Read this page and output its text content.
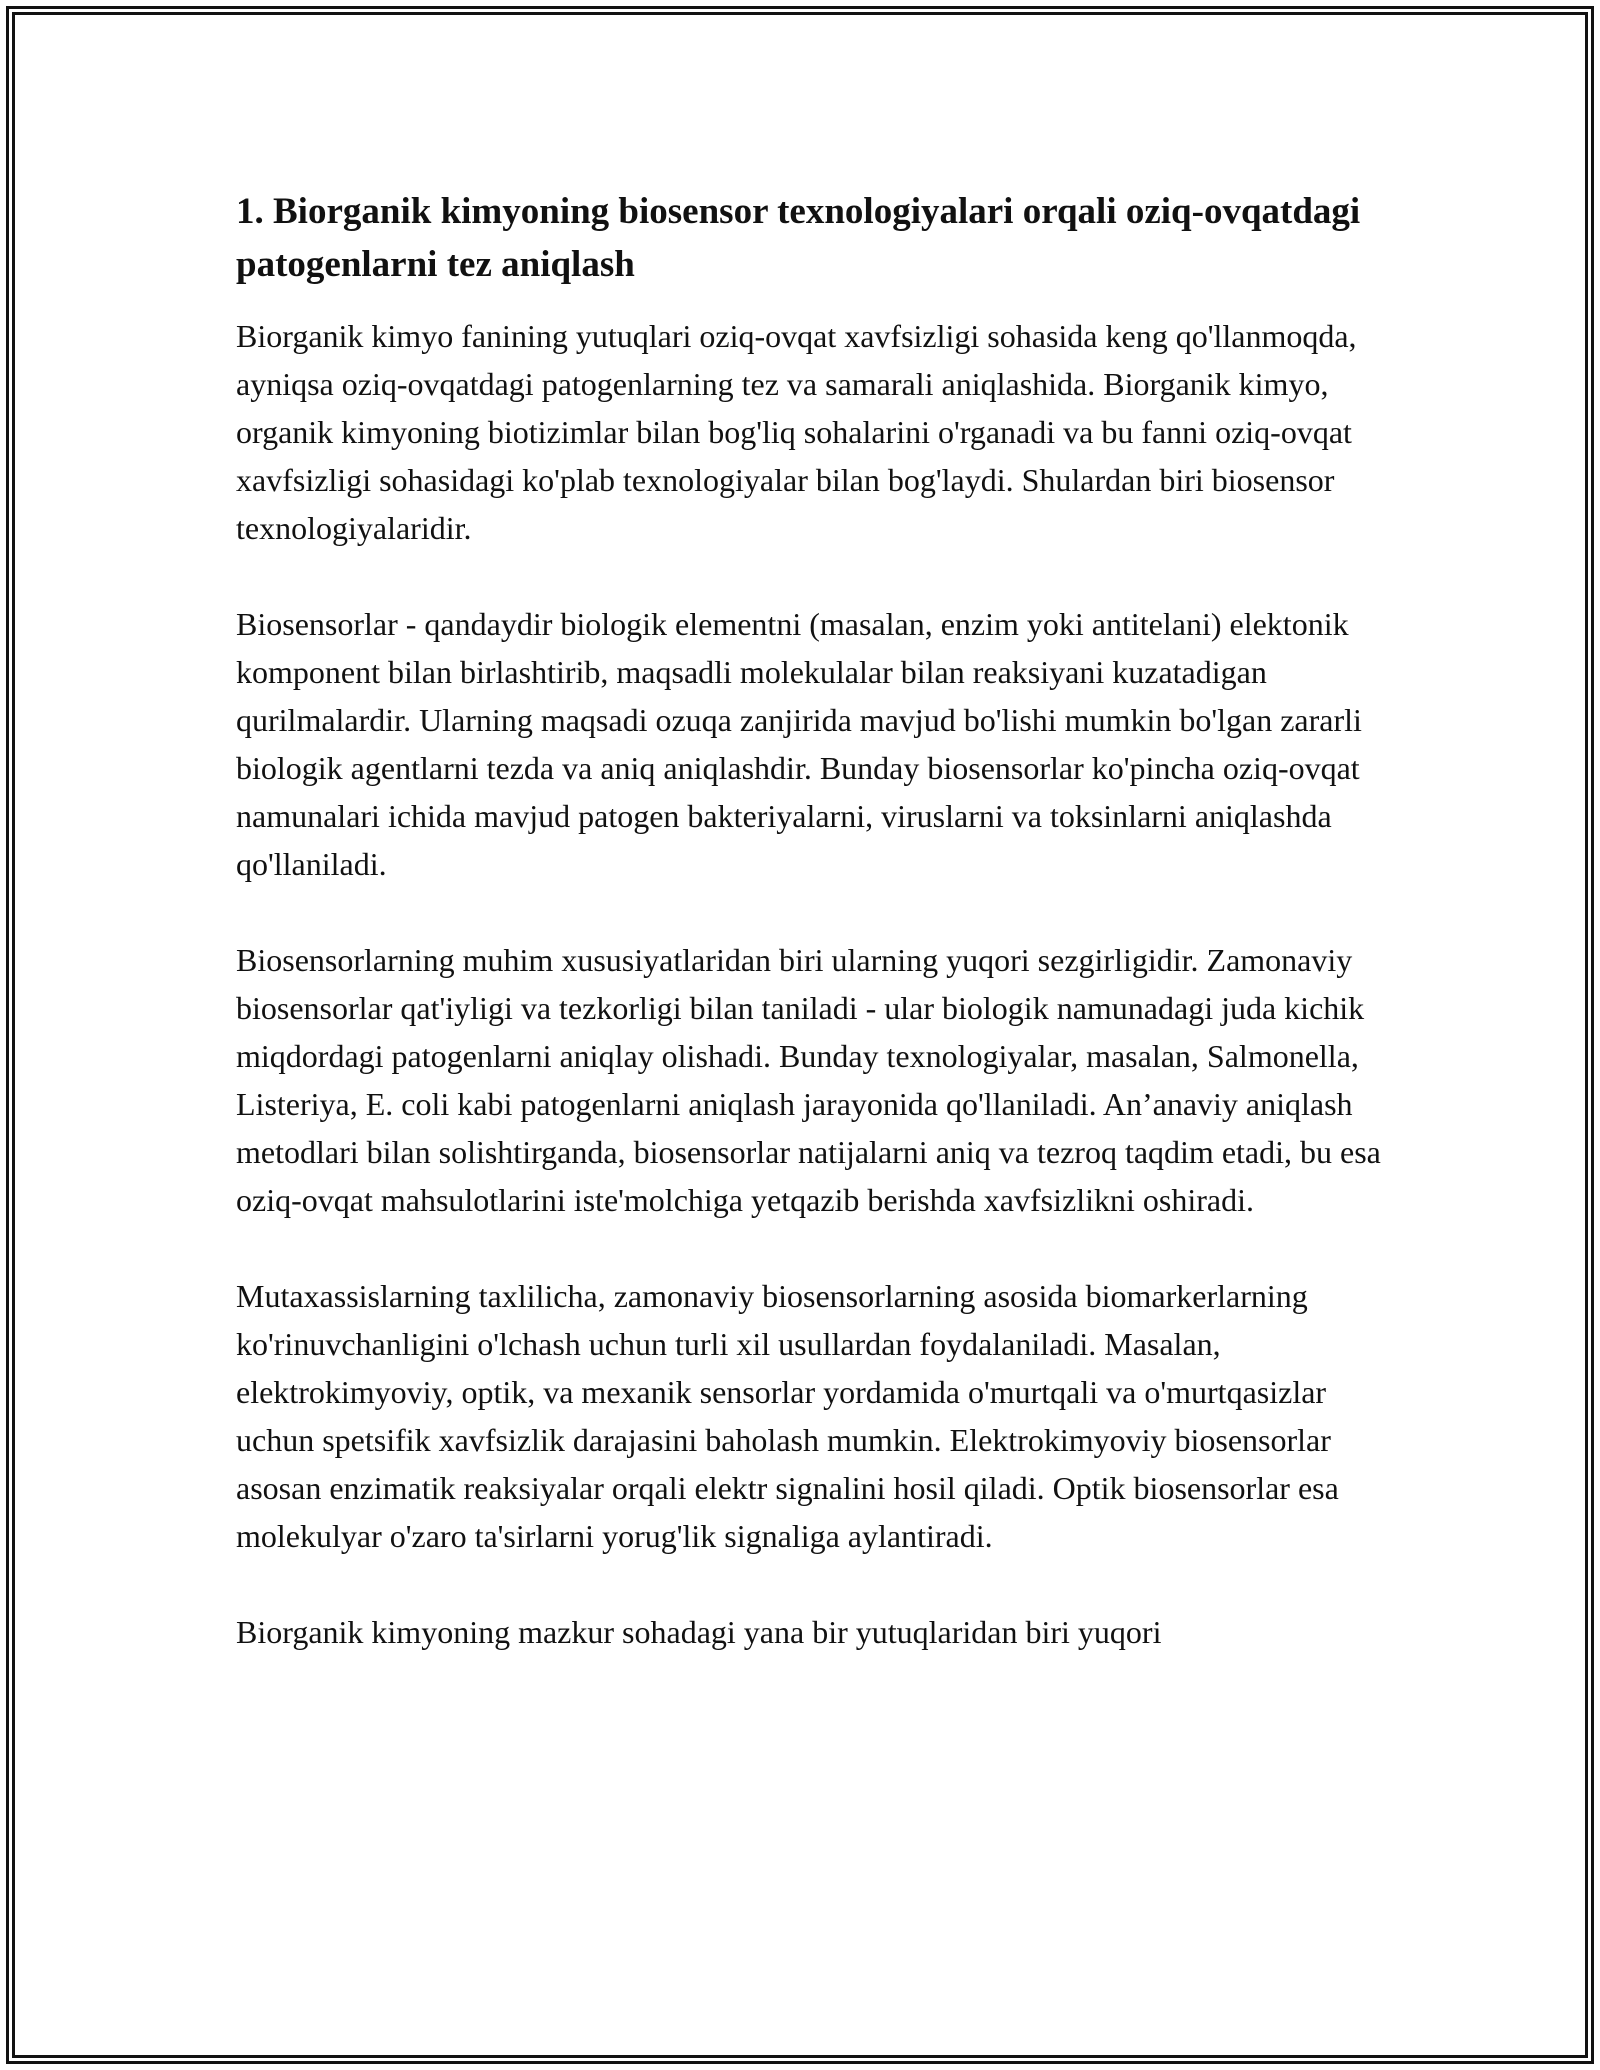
1. Biorganik kimyoning biosensor texnologiyalari orqali oziq-ovqatdagi patogenlarni tez aniqlash

Biorganik kimyo fanining yutuqlari oziq-ovqat xavfsizligi sohasida keng qo'llanmoqda, ayniqsa oziq-ovqatdagi patogenlarning tez va samarali aniqlashida. Biorganik kimyo, organik kimyoning biotizimlar bilan bog'liq sohalarini o'rganadi va bu fanni oziq-ovqat xavfsizligi sohasidagi ko'plab texnologiyalar bilan bog'laydi. Shulardan biri biosensor texnologiyalaridir.

Biosensorlar - qandaydir biologik elementni (masalan, enzim yoki antitelani) elektonik komponent bilan birlashtirib, maqsadli molekulalar bilan reaksiyani kuzatadigan qurilmalardir. Ularning maqsadi ozuqa zanjirida mavjud bo'lishi mumkin bo'lgan zararli biologik agentlarni tezda va aniq aniqlashdir. Bunday biosensorlar ko'pincha oziq-ovqat namunalari ichida mavjud patogen bakteriyalarni, viruslarni va toksinlarni aniqlashda qo'llaniladi.

Biosensorlarning muhim xususiyatlaridan biri ularning yuqori sezgirligidir. Zamonaviy biosensorlar qat'iyligi va tezkorligi bilan taniladi - ular biologik namunadagi juda kichik miqdordagi patogenlarni aniqlay olishadi. Bunday texnologiyalar, masalan, Salmonella, Listeriya, E. coli kabi patogenlarni aniqlash jarayonida qo'llaniladi. An’anaviy aniqlash metodlari bilan solishtirganda, biosensorlar natijalarni aniq va tezroq taqdim etadi, bu esa oziq-ovqat mahsulotlarini iste'molchiga yetqazib berishda xavfsizlikni oshiradi.

Mutaxassislarning taxlilicha, zamonaviy biosensorlarning asosida biomarkerlarning ko'rinuvchanligini o'lchash uchun turli xil usullardan foydalaniladi. Masalan, elektrokimyoviy, optik, va mexanik sensorlar yordamida o'murtqali va o'murtqasizlar uchun spetsifik xavfsizlik darajasini baholash mumkin. Elektrokimyoviy biosensorlar asosan enzimatik reaksiyalar orqali elektr signalini hosil qiladi. Optik biosensorlar esa molekulyar o'zaro ta'sirlarni yorug'lik signaliga aylantiradi.

Biorganik kimyoning mazkur sohadagi yana bir yutuqlaridan biri yuqori
